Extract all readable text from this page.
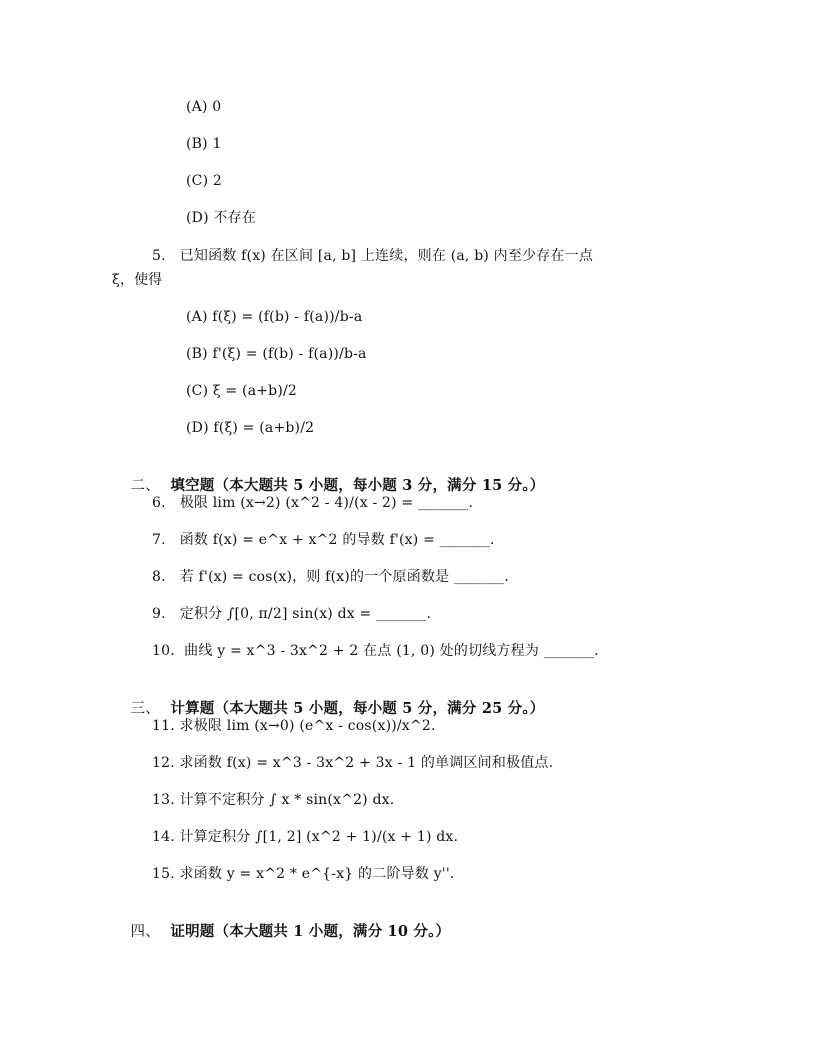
(A) 0
(B) 1
(C) 2
(D) 不存在
5.   已知函数 f(x) 在区间 [a, b] 上连续，则在 (a, b) 内至少存在一点
ξ，使得
(A) f(ξ) = (f(b) - f(a))/b-a
(B) f'(ξ) = (f(b) - f(a))/b-a
(C) ξ = (a+b)/2
(D) f(ξ) = (a+b)/2

二、 填空题（本大题共 5 小题，每小题 3 分，满分 15 分。）

6.   极限 lim (x→2) (x^2 - 4)/(x - 2) = _______.
7.   函数 f(x) = e^x + x^2 的导数 f'(x) = _______.
8.   若 f'(x) = cos(x)，则 f(x)的一个原函数是 _______.
9.   定积分 ∫[0, π/2] sin(x) dx = _______.
10.  曲线 y = x^3 - 3x^2 + 2 在点 (1, 0) 处的切线方程为 _______.

三、 计算题（本大题共 5 小题，每小题 5 分，满分 25 分。）

11. 求极限 lim (x→0) (e^x - cos(x))/x^2.
12. 求函数 f(x) = x^3 - 3x^2 + 3x - 1 的单调区间和极值点.
13. 计算不定积分 ∫ x * sin(x^2) dx.
14. 计算定积分 ∫[1, 2] (x^2 + 1)/(x + 1) dx.
15. 求函数 y = x^2 * e^{-x} 的二阶导数 y''.

四、 证明题（本大题共 1 小题，满分 10 分。）
